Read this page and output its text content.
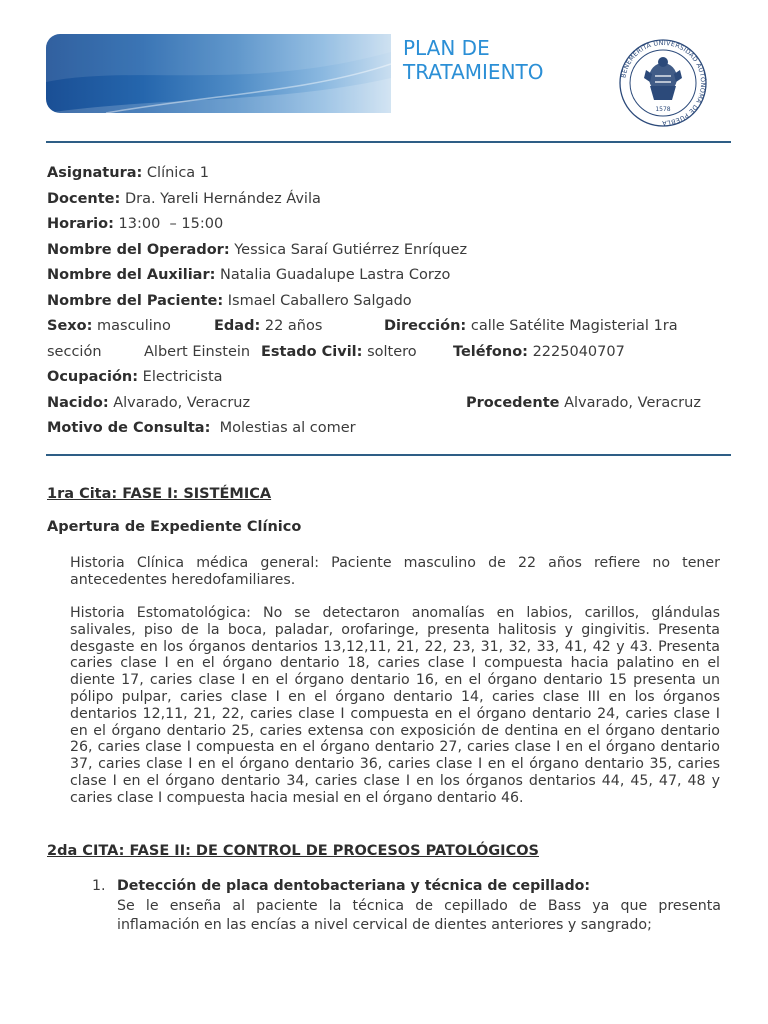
PLAN DE
TRATAMIENTO	BENEMÉRITA UNIVERSIDAD AUTÓNOMA DE PUEBLA
1578
Asignatura: Clínica 1
Docente: Dra. Yareli Hernández Ávila
Horario: 13:00  – 15:00
Nombre del Operador: Yessica Saraí Gutiérrez Enríquez
Nombre del Auxiliar: Natalia Guadalupe Lastra Corzo
Nombre del Paciente: Ismael Caballero Salgado
Sexo: masculino	Edad: 22 años	Dirección: calle Satélite Magisterial 1ra
sección	Albert Einstein Estado Civil: soltero	Teléfono: 2225040707
Ocupación: Electricista
Nacido: Alvarado, Veracruz	Procedente Alvarado, Veracruz
Motivo de Consulta: Molestias al comer
1ra Cita: FASE I: SISTÉMICA
Apertura de Expediente Clínico

Historia Clínica médica general: Paciente masculino de 22 años refiere no tener antecedentes heredofamiliares.

Historia Estomatológica: No se detectaron anomalías en labios, carillos, glándulas salivales, piso de la boca, paladar, orofaringe, presenta halitosis y gingivitis. Presenta desgaste en los órganos dentarios 13,12,11, 21, 22, 23, 31, 32, 33, 41, 42 y 43. Presenta caries clase I en el órgano dentario 18, caries clase I compuesta hacia palatino en el diente 17, caries clase I en el órgano dentario 16, en el órgano dentario 15 presenta un pólipo pulpar, caries clase I en el órgano dentario 14, caries clase III en los órganos dentarios 12,11, 21, 22, caries clase I compuesta en el órgano dentario 24, caries clase I en el órgano dentario 25, caries extensa con exposición de dentina en el órgano dentario 26, caries clase I compuesta en el órgano dentario 27, caries clase I en el órgano dentario 37, caries clase I en el órgano dentario 36, caries clase I en el órgano dentario 35, caries clase I en el órgano dentario 34, caries clase I en los órganos dentarios 44, 45, 47, 48 y caries clase I compuesta hacia mesial en el órgano dentario 46.

2da CITA: FASE II: DE CONTROL DE PROCESOS PATOLÓGICOS
1. Detección de placa dentobacteriana y técnica de cepillado:
Se le enseña al paciente la técnica de cepillado de Bass ya que presenta inflamación en las encías a nivel cervical de dientes anteriores y sangrado;
